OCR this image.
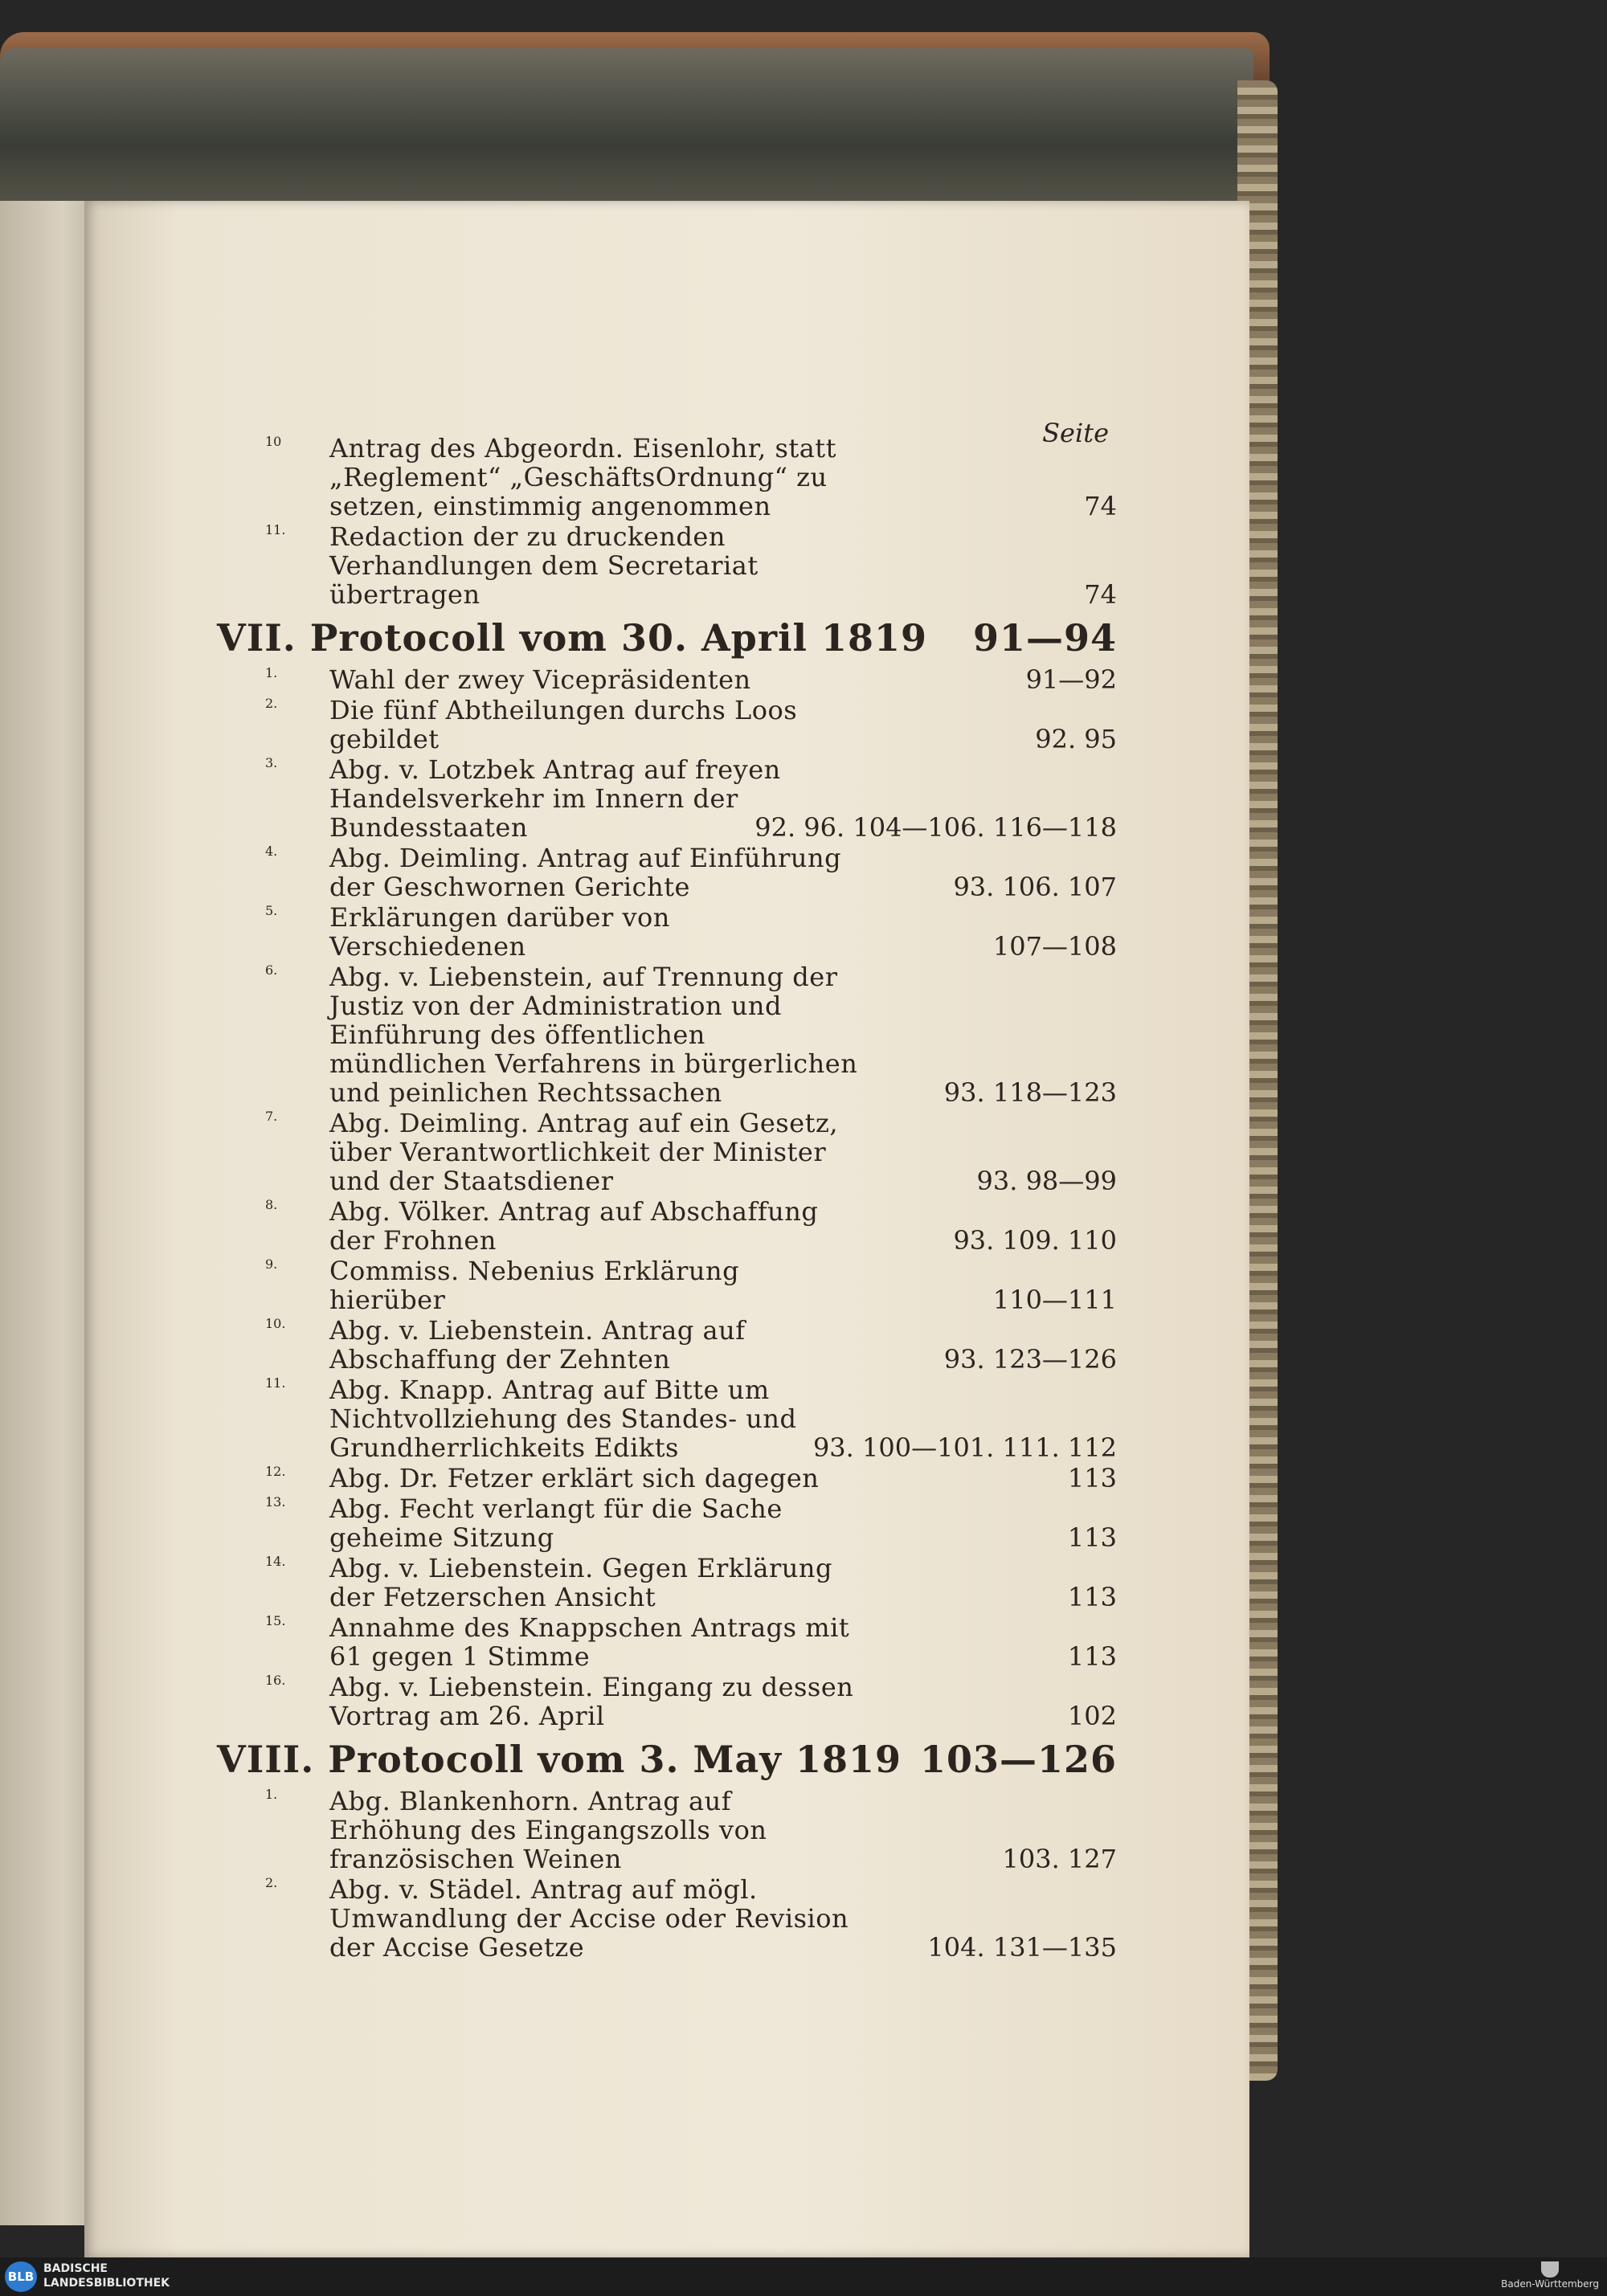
Seite
10	Antrag des Abgeordn. Eisenlohr, statt „Reglement“ „GeschäftsOrdnung“ zu setzen, einstimmig angenommen	74
11.	Redaction der zu druckenden Verhandlungen dem Secretariat übertragen	74
VII. Protocoll vom 30. April 1819 91—94
1.	Wahl der zwey Vicepräsidenten	91—92
2.	Die fünf Abtheilungen durchs Loos gebildet	92. 95
3.	Abg. v. Lotzbek Antrag auf freyen Handelsverkehr im Innern der Bundesstaaten	92. 96. 104—106. 116—118
4.	Abg. Deimling. Antrag auf Einführung der Geschwornen Gerichte	93. 106. 107
5.	Erklärungen darüber von Verschiedenen	107—108
6.	Abg. v. Liebenstein, auf Trennung der Justiz von der Administration und Einführung des öffentlichen mündlichen Verfahrens in bürgerlichen und peinlichen Rechtssachen	93. 118—123
7.	Abg. Deimling. Antrag auf ein Gesetz, über Verantwortlichkeit der Minister und der Staatsdiener	93. 98—99
8.	Abg. Völker. Antrag auf Abschaffung der Frohnen	93. 109. 110
9.	Commiss. Nebenius Erklärung hierüber	110—111
10.	Abg. v. Liebenstein. Antrag auf Abschaffung der Zehnten	93. 123—126
11.	Abg. Knapp. Antrag auf Bitte um Nichtvollziehung des Standes- und Grundherrlichkeits Edikts	93. 100—101. 111. 112
12.	Abg. Dr. Fetzer erklärt sich dagegen	113
13.	Abg. Fecht verlangt für die Sache geheime Sitzung	113
14.	Abg. v. Liebenstein. Gegen Erklärung der Fetzerschen Ansicht	113
15.	Annahme des Knappschen Antrags mit 61 gegen 1 Stimme	113
16.	Abg. v. Liebenstein. Eingang zu dessen Vortrag am 26. April	102
VIII. Protocoll vom 3. May 1819 103—126
1.	Abg. Blankenhorn. Antrag auf Erhöhung des Eingangszolls von französischen Weinen	103. 127
2.	Abg. v. Städel. Antrag auf mögl. Umwandlung der Accise oder Revision der Accise Gesetze	104. 131—135
BLB
BADISCHE
LANDESBIBLIOTHEK	Baden-Württemberg
